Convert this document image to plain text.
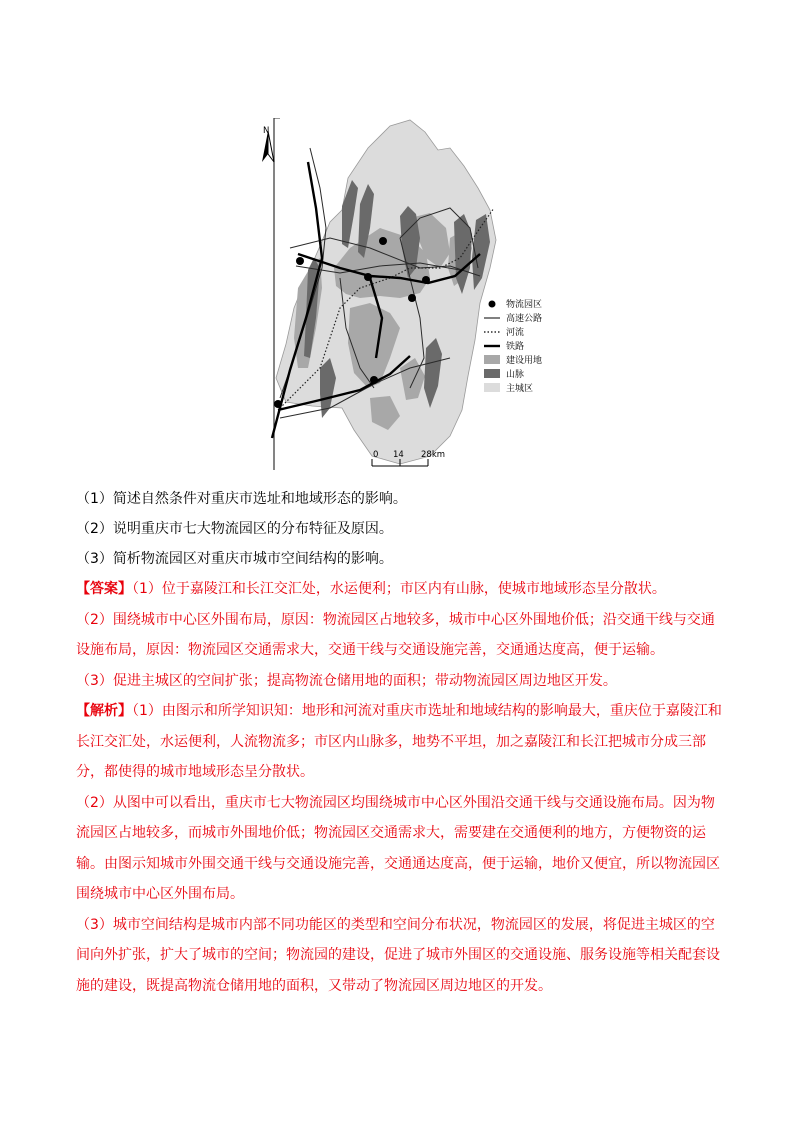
N
物流园区
高速公路
河流
铁路
建设用地
山脉
主城区
0 14 28km

（1）简述自然条件对重庆市选址和地域形态的影响。

（2）说明重庆市七大物流园区的分布特征及原因。

（3）简析物流园区对重庆市城市空间结构的影响。

【答案】（1）位于嘉陵江和长江交汇处，水运便利；市区内有山脉，使城市地域形态呈分散状。

（2）围绕城市中心区外围布局，原因：物流园区占地较多，城市中心区外围地价低；沿交通干线与交通设施布局，原因：物流园区交通需求大，交通干线与交通设施完善，交通通达度高，便于运输。

（3）促进主城区的空间扩张；提高物流仓储用地的面积；带动物流园区周边地区开发。

【解析】（1）由图示和所学知识知：地形和河流对重庆市选址和地域结构的影响最大，重庆位于嘉陵江和长江交汇处，水运便利，人流物流多；市区内山脉多，地势不平坦，加之嘉陵江和长江把城市分成三部分，都使得的城市地域形态呈分散状。

（2）从图中可以看出，重庆市七大物流园区均围绕城市中心区外围沿交通干线与交通设施布局。因为物流园区占地较多，而城市外围地价低；物流园区交通需求大，需要建在交通便利的地方，方便物资的运输。由图示知城市外围交通干线与交通设施完善，交通通达度高，便于运输，地价又便宜，所以物流园区围绕城市中心区外围布局。

（3）城市空间结构是城市内部不同功能区的类型和空间分布状况，物流园区的发展，将促进主城区的空间向外扩张，扩大了城市的空间；物流园的建设，促进了城市外围区的交通设施、服务设施等相关配套设施的建设，既提高物流仓储用地的面积，又带动了物流园区周边地区的开发。
